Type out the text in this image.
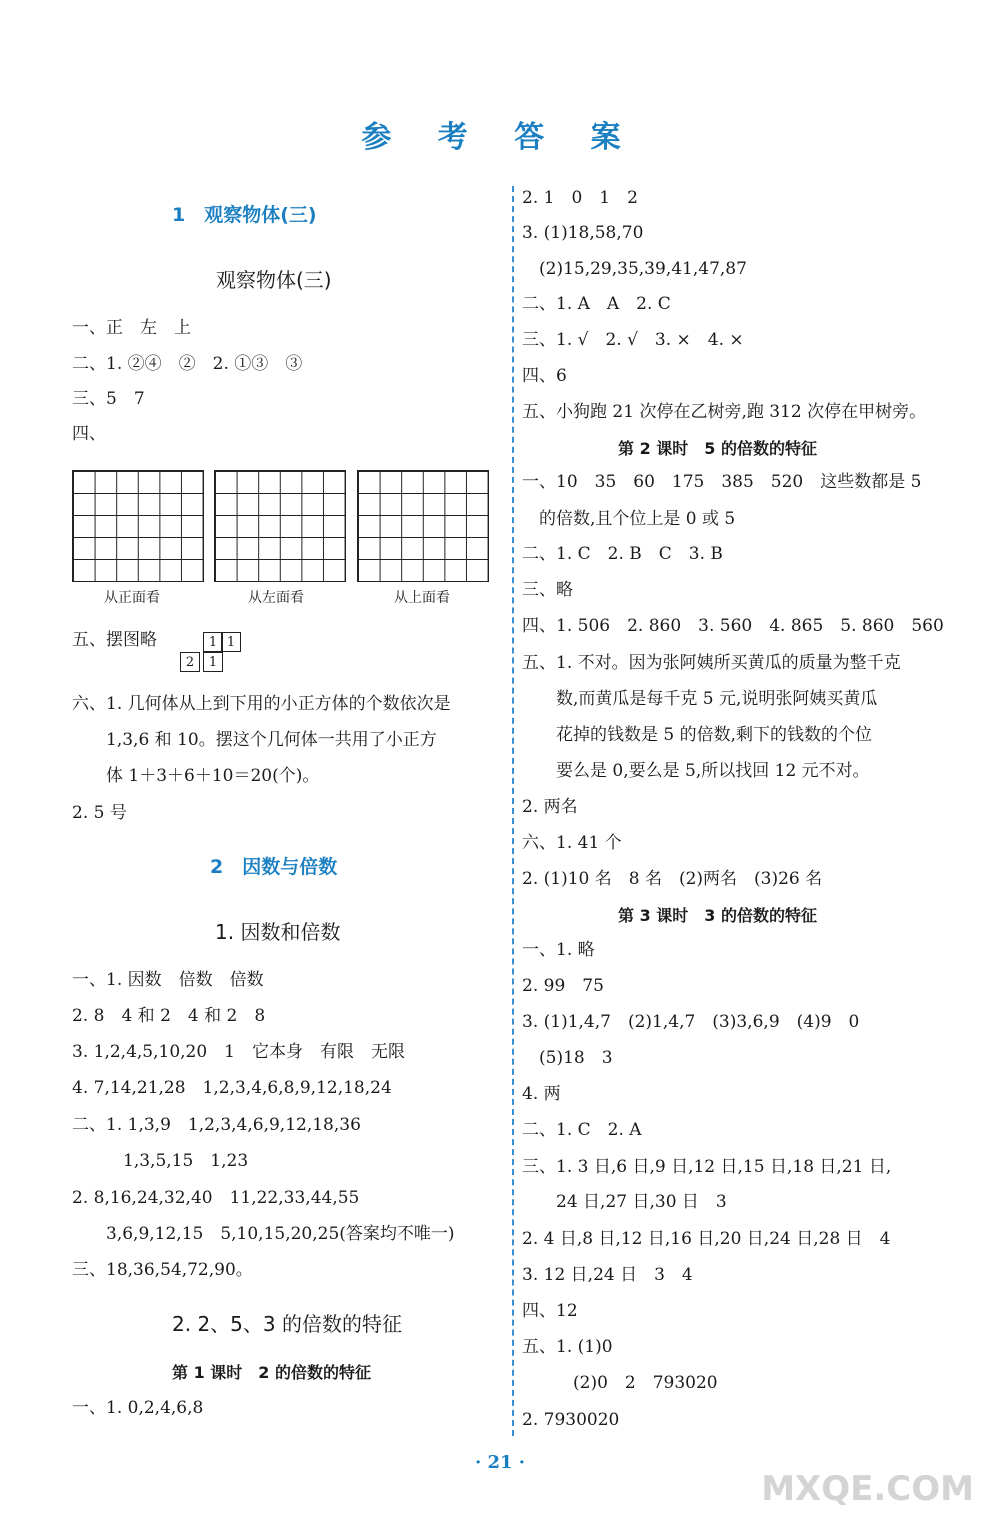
参 考 答 案
1　观察物体(三)
观察物体(三)
一、正　左　上
二、1. ②④　②　2. ①③　③
三、5　7
四、
从正面看	从左面看	从上面看
五、摆图略	1 1
2	1
六、1. 几何体从上到下用的小正方体的个数依次是
　　1,3,6 和 10。摆这个几何体一共用了小正方
　　体 1＋3＋6＋10＝20(个)。
2. 5 号
2　因数与倍数
1. 因数和倍数
一、1. 因数　倍数　倍数
2. 8　4 和 2　4 和 2　8
3. 1,2,4,5,10,20　1　它本身　有限　无限
4. 7,14,21,28　1,2,3,4,6,8,9,12,18,24
二、1. 1,3,9　1,2,3,4,6,9,12,18,36
　　　1,3,5,15　1,23
2. 8,16,24,32,40　11,22,33,44,55
　　3,6,9,12,15　5,10,15,20,25(答案均不唯一)
三、18,36,54,72,90。
2. 2、5、3 的倍数的特征
第 1 课时　2 的倍数的特征
一、1. 0,2,4,6,8
2. 1　0　1　2
3. (1)18,58,70
　(2)15,29,35,39,41,47,87
二、1. A　A　2. C
三、1. √　2. √　3. ×　4. ×
四、6
五、小狗跑 21 次停在乙树旁,跑 312 次停在甲树旁。
第 2 课时　5 的倍数的特征
一、10　35　60　175　385　520　这些数都是 5
　的倍数,且个位上是 0 或 5
二、1. C　2. B　C　3. B
三、略
四、1. 506　2. 860　3. 560　4. 865　5. 860　560
五、1. 不对。因为张阿姨所买黄瓜的质量为整千克
　　数,而黄瓜是每千克 5 元,说明张阿姨买黄瓜
　　花掉的钱数是 5 的倍数,剩下的钱数的个位
　　要么是 0,要么是 5,所以找回 12 元不对。
2. 两名
六、1. 41 个
2. (1)10 名　8 名　(2)两名　(3)26 名
第 3 课时　3 的倍数的特征
一、1. 略
2. 99　75
3. (1)1,4,7　(2)1,4,7　(3)3,6,9　(4)9　0
　(5)18　3
4. 两
二、1. C　2. A
三、1. 3 日,6 日,9 日,12 日,15 日,18 日,21 日,
　　24 日,27 日,30 日　3
2. 4 日,8 日,12 日,16 日,20 日,24 日,28 日　4
3. 12 日,24 日　3　4
四、12
五、1. (1)0
　　　(2)0　2　793020
2. 7930020
· 21 ·
MXQE.COM
